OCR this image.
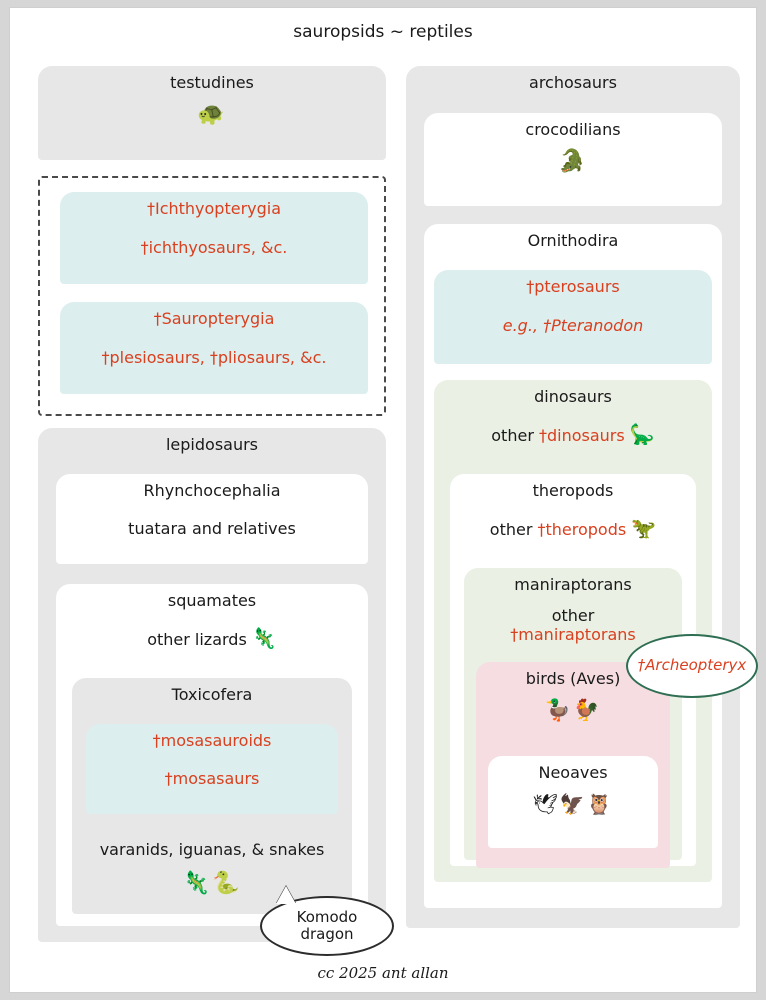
sauropsids ~ reptiles
testudines
🐢
†Ichthyopterygia
†ichthyosaurs, &c.
†Sauropterygia
†plesiosaurs, †pliosaurs, &c.
lepidosaurs
Rhynchocephalia
tuatara and relatives
squamates
other lizards 🦎
Toxicofera
†mosasauroids
†mosasaurs
varanids, iguanas, & snakes
🦎🐍
Komodo
dragon
archosaurs
crocodilians
🐊
Ornithodira
†pterosaurs
e.g., †Pteranodon
dinosaurs
other †dinosaurs 🦕
theropods
other †theropods 🦖
maniraptorans
other
†maniraptorans
birds (Aves)
🦆🐓
Neoaves
🕊🦅🦉
†Archeopteryx
cc 2025 ant allan
